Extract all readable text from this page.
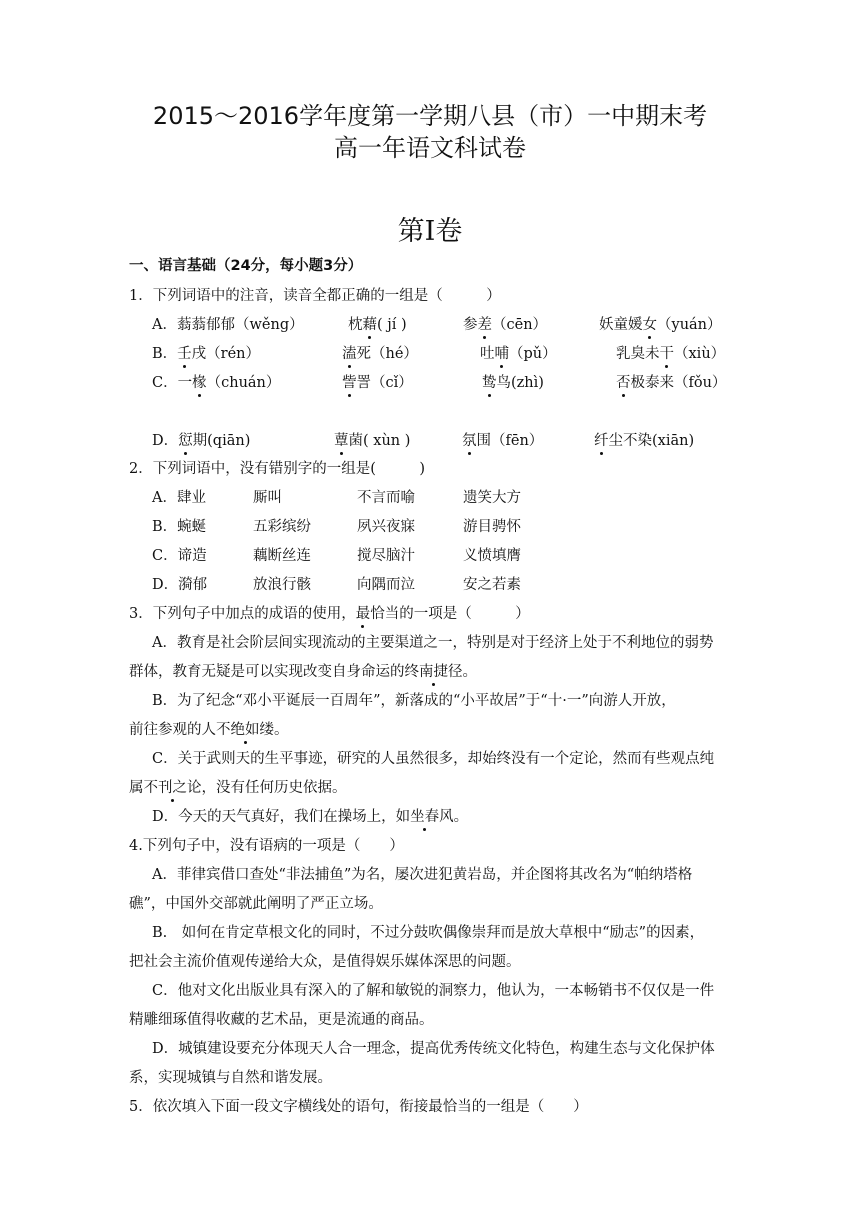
2015～2016学年度第一学期八县（市）一中期末考
高一年语文科试卷
第Ⅰ卷
一、语言基础（24分，每小题3分）
1．下列词语中的注音，读音全都正确的一组是（　　　）
A．蓊蓊郁郁（wěng）	枕藉( jí )	参差（cēn）	妖童媛女（yuán）
B．壬戌（rén）	溘死（hé）	吐哺（pǔ）	乳臭未干（xiù）
C．一椽（chuán）	訾詈（cǐ）	鸷鸟(zhì)	否极泰来（fǒu）
D．愆期(qiān)	蕈菌( xùn )	氛围（fēn）	纤尘不染(xiān)
2．下列词语中，没有错别字的一组是(　　　)
A．肆业	厮叫	不言而喻	遗笑大方
B．蜿蜒	五彩缤纷	夙兴夜寐	游目骋怀
C．谛造	藕断丝连	搅尽脑汁	义愤填膺
D．漪郁	放浪行骸	向隅而泣	安之若素
3．下列句子中加点的成语的使用，最恰当的一项是（　　　）
A．教育是社会阶层间实现流动的主要渠道之一，特别是对于经济上处于不利地位的弱势
群体，教育无疑是可以实现改变自身命运的终南捷径。
B．为了纪念“邓小平诞辰一百周年”，新落成的“小平故居”于“十·一”向游人开放，
前往参观的人不绝如缕。
C．关于武则天的生平事迹，研究的人虽然很多，却始终没有一个定论，然而有些观点纯
属不刊之论，没有任何历史依据。
D．今天的天气真好，我们在操场上，如坐春风。
4.下列句子中，没有语病的一项是（　　）
A．菲律宾借口查处“非法捕鱼”为名，屡次进犯黄岩岛，并企图将其改名为“帕纳塔格
礁”，中国外交部就此阐明了严正立场。
B.　如何在肯定草根文化的同时，不过分鼓吹偶像崇拜而是放大草根中“励志”的因素，
把社会主流价值观传递给大众，是值得娱乐媒体深思的问题。
C．他对文化出版业具有深入的了解和敏锐的洞察力，他认为，一本畅销书不仅仅是一件
精雕细琢值得收藏的艺术品，更是流通的商品。
D．城镇建设要充分体现天人合一理念，提高优秀传统文化特色，构建生态与文化保护体
系，实现城镇与自然和谐发展。
5．依次填入下面一段文字横线处的语句，衔接最恰当的一组是（　　）
